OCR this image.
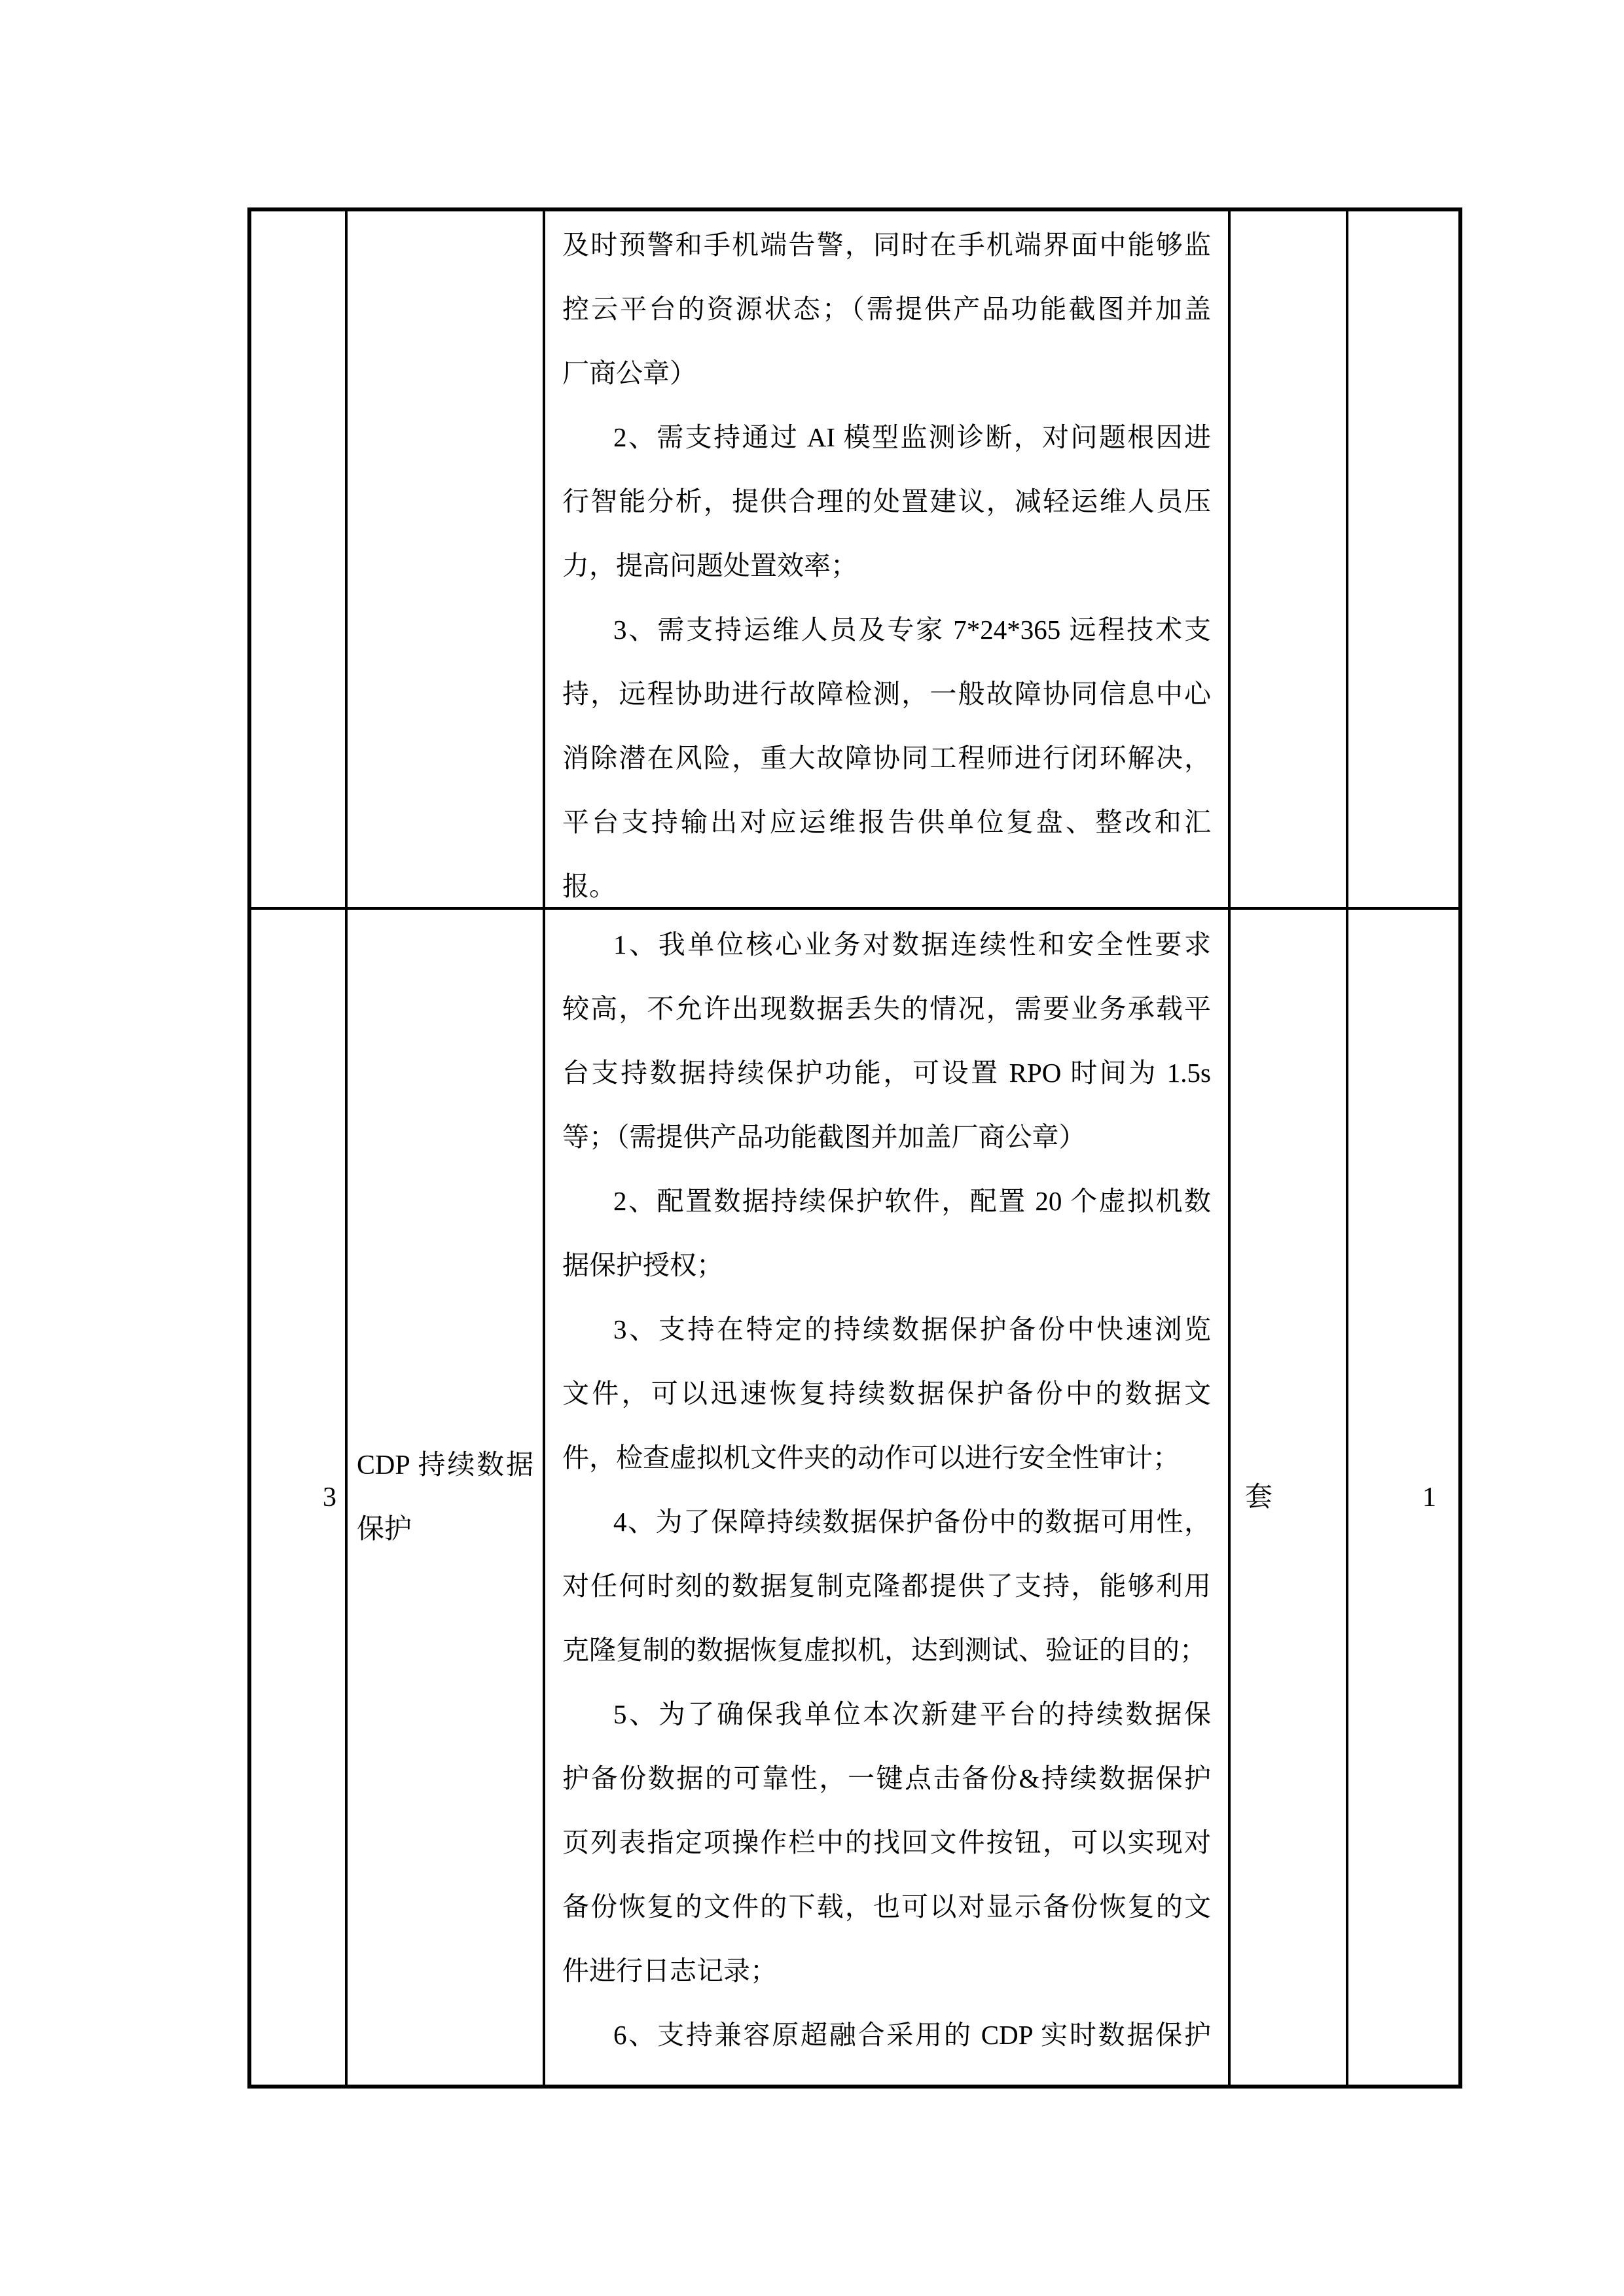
及时预警和手机端告警，同时在手机端界面中能够监
控云平台的资源状态；（需提供产品功能截图并加盖
厂商公章）
2、需支持通过 AI 模型监测诊断，对问题根因进
行智能分析，提供合理的处置建议，减轻运维人员压
力，提高问题处置效率；
3、需支持运维人员及专家 7*24*365 远程技术支
持，远程协助进行故障检测，一般故障协同信息中心
消除潜在风险，重大故障协同工程师进行闭环解决，
平台支持输出对应运维报告供单位复盘、整改和汇
报。
3
CDP 持续数据
保护
1、我单位核心业务对数据连续性和安全性要求
较高，不允许出现数据丢失的情况，需要业务承载平
台支持数据持续保护功能，可设置 RPO 时间为 1.5s
等；（需提供产品功能截图并加盖厂商公章）
2、配置数据持续保护软件，配置 20 个虚拟机数
据保护授权；
3、支持在特定的持续数据保护备份中快速浏览
文件，可以迅速恢复持续数据保护备份中的数据文
件，检查虚拟机文件夹的动作可以进行安全性审计；
4、为了保障持续数据保护备份中的数据可用性，
对任何时刻的数据复制克隆都提供了支持，能够利用
克隆复制的数据恢复虚拟机，达到测试、验证的目的；
5、为了确保我单位本次新建平台的持续数据保
护备份数据的可靠性，一键点击备份&持续数据保护
页列表指定项操作栏中的找回文件按钮，可以实现对
备份恢复的文件的下载，也可以对显示备份恢复的文
件进行日志记录；
6、支持兼容原超融合采用的 CDP 实时数据保护
套	1
